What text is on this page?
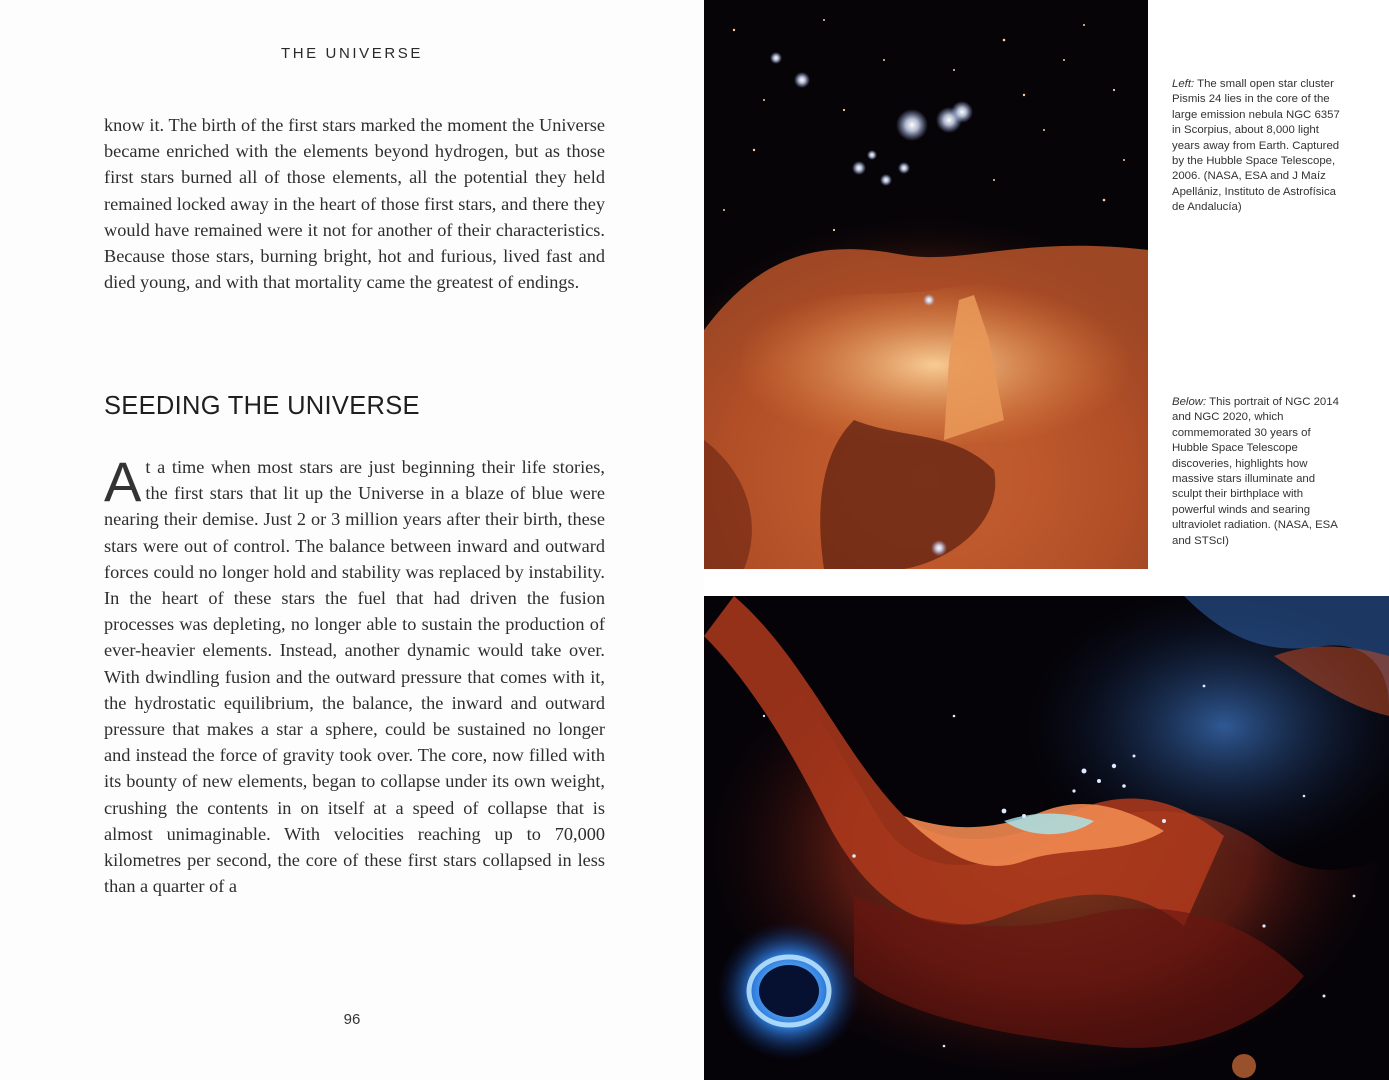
THE UNIVERSE

know it. The birth of the first stars marked the moment the Universe became enriched with the elements beyond hydrogen, but as those first stars burned all of those elements, all the potential they held remained locked away in the heart of those first stars, and there they would have remained were it not for another of their characteristics. Because those stars, burning bright, hot and furious, lived fast and died young, and with that mortality came the greatest of endings.

SEEDING THE UNIVERSE

A t a time when most stars are just beginning their life stories, the first stars that lit up the Universe in a blaze of blue were nearing their demise. Just 2 or 3 million years after their birth, these stars were out of control. The balance between inward and outward forces could no longer hold and stability was replaced by instability. In the heart of these stars the fuel that had driven the fusion processes was depleting, no longer able to sustain the production of ever-heavier elements. Instead, another dynamic would take over. With dwindling fusion and the outward pressure that comes with it, the hydrostatic equilibrium, the balance, the inward and outward pressure that makes a star a sphere, could be sustained no longer and instead the force of gravity took over. The core, now filled with its bounty of new elements, began to collapse under its own weight, crushing the contents in on itself at a speed of collapse that is almost unimaginable. With velocities reaching up to 70,000 kilometres per second, the core of these first stars collapsed in less than a quarter of a

96
Left: The small open star cluster Pismis 24 lies in the core of the large emission nebula NGC 6357 in Scorpius, about 8,000 light years away from Earth. Captured by the Hubble Space Telescope, 2006. (NASA, ESA and J Maíz Apellániz, Instituto de Astrofísica de Andalucía)
Below: This portrait of NGC 2014 and NGC 2020, which commemorated 30 years of Hubble Space Telescope discoveries, highlights how massive stars illuminate and sculpt their birthplace with powerful winds and searing ultraviolet radiation. (NASA, ESA and STScI)
